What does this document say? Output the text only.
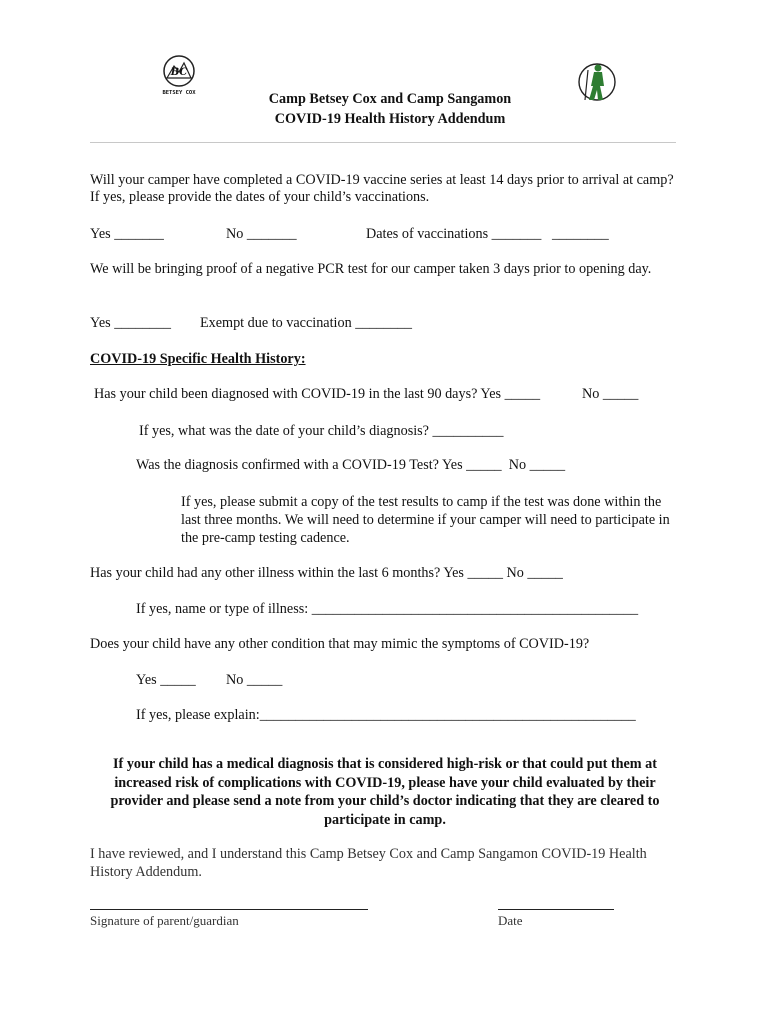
BC
BETSEY COX	Camp Betsey Cox and Camp Sangamon
COVID-19 Health History Addendum
Will your camper have completed a COVID-19 vaccine series at least 14 days prior to arrival at camp? If yes, please provide the dates of your child’s vaccinations.
Yes _______	No _______	Dates of vaccinations _______   ________
We will be bringing proof of a negative PCR test for our camper taken 3 days prior to opening day.
Yes ________ Exempt due to vaccination ________
COVID-19 Specific Health History:
Has your child been diagnosed with COVID-19 in the last 90 days? Yes _____	No _____
If yes, what was the date of your child’s diagnosis? __________
Was the diagnosis confirmed with a COVID-19 Test? Yes _____  No _____
If yes, please submit a copy of the test results to camp if the test was done within the last three months. We will need to determine if your camper will need to participate in the pre-camp testing cadence.
Has your child had any other illness within the last 6 months? Yes _____ No _____
If yes, name or type of illness: ______________________________________________
Does your child have any other condition that may mimic the symptoms of COVID-19?
Yes _____ No _____
If yes, please explain:_____________________________________________________
If your child has a medical diagnosis that is considered high-risk or that could put them at increased risk of complications with COVID-19, please have your child evaluated by their provider and please send a note from your child’s doctor indicating that they are cleared to participate in camp.
I have reviewed, and I understand this Camp Betsey Cox and Camp Sangamon COVID-19 Health History Addendum.
Signature of parent/guardian	Date
